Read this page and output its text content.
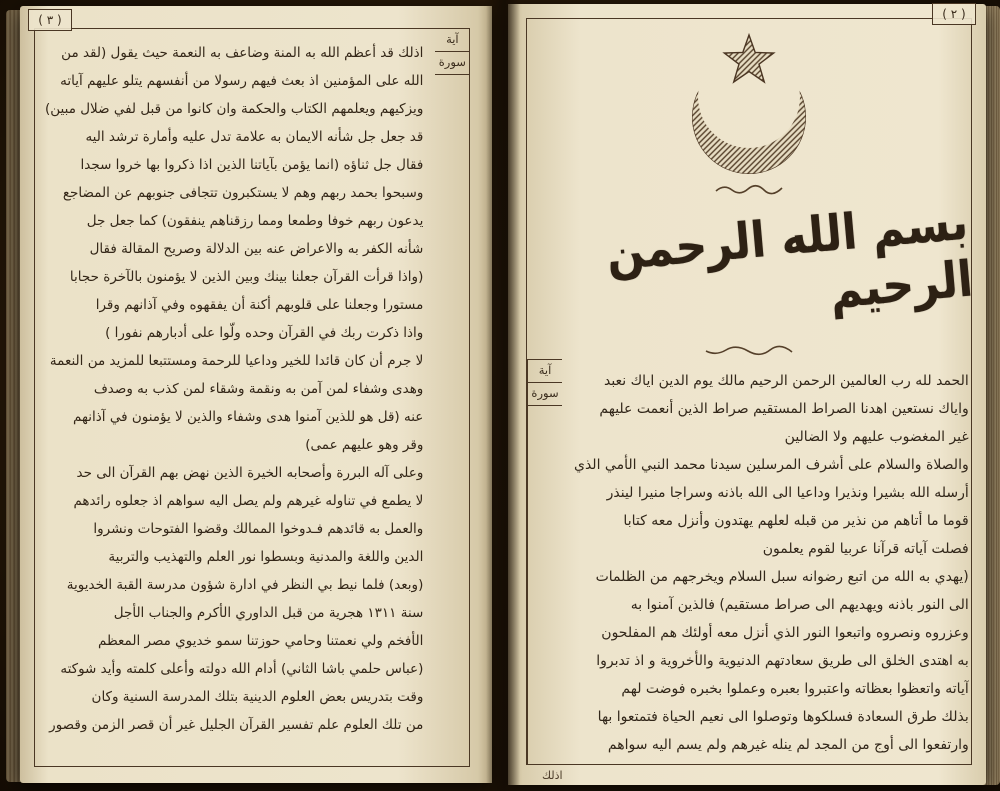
( ٣ )
آية
سورة
اذلك قد أعظم الله به المنة وضاعف به النعمة حيث يقول (لقد من
الله على المؤمنين اذ بعث فيهم رسولا من أنفسهم يتلو عليهم آياته
ويزكيهم ويعلمهم الكتاب والحكمة وان كانوا من قبل لفي ضلال مبين)
قد جعل جل شأنه الايمان به علامة تدل عليه وأمارة ترشد اليه
فقال جل ثناؤه (انما يؤمن بآياتنا الذين اذا ذكروا بها خروا سجدا
وسبحوا بحمد ربهم وهم لا يستكبرون تتجافى جنوبهم عن المضاجع
يدعون ربهم خوفا وطمعا ومما رزقناهم ينفقون) كما جعل جل
شأنه الكفر به والاعراض عنه بين الدلالة وصريح المقالة فقال
(واذا قرأت القرآن جعلنا بينك وبين الذين لا يؤمنون بالآخرة حجابا
مستورا وجعلنا على قلوبهم أكنة أن يفقهوه وفي آذانهم وقرا
واذا ذكرت ربك في القرآن وحده ولّوا على أدبارهم نفورا )
لا جرم أن كان قائدا للخير وداعيا للرحمة ومستتبعا للمزيد من النعمة
وهدى وشفاء لمن آمن به ونقمة وشقاء لمن كذب به وصدف
عنه (قل هو للذين آمنوا هدى وشفاء والذين لا يؤمنون في آذانهم
وقر وهو عليهم عمى)
وعلى آله البررة وأصحابه الخيرة الذين نهض بهم القرآن الى حد
لا يطمع في تناوله غيرهم ولم يصل اليه سواهم اذ جعلوه رائدهم
والعمل به قائدهم فـدوخوا الممالك وقضوا الفتوحات ونشروا
الدين واللغة والمدنية وبسطوا نور العلم والتهذيب والتربية
(وبعد) فلما نيط بي النظر في ادارة شؤون مدرسة القبة الخديوية
سنة ١٣١١ هجرية من قبل الداوري الأكرم والجناب الأجل
الأفخم ولي نعمتنا وحامي حوزتنا سمو خديوي مصر المعظم
(عباس حلمي باشا الثاني) أدام الله دولته وأعلى كلمته وأيد شوكته
وقت بتدريس بعض العلوم الدينية بتلك المدرسة السنية وكان
من تلك العلوم علم تفسير القرآن الجليل غير أن قصر الزمن وقصور
( ٢ )
بسم الله الرحمن الرحيم
الحمد لله رب العالمين الرحمن الرحيم مالك يوم الدين اياك نعبد
واياك نستعين اهدنا الصراط المستقيم صراط الذين أنعمت عليهم
غير المغضوب عليهم ولا الضالين
والصلاة والسلام على أشرف المرسلين سيدنا محمد النبي الأمي الذي
أرسله الله بشيرا ونذيرا وداعيا الى الله باذنه وسراجا منيرا لينذر
قوما ما أتاهم من نذير من قبله لعلهم يهتدون وأنزل معه كتابا
فصلت آياته قرآنا عربيا لقوم يعلمون
(يهدي به الله من اتبع رضوانه سبل السلام ويخرجهم من الظلمات
الى النور باذنه ويهديهم الى صراط مستقيم) فالذين آمنوا به
وعزروه ونصروه واتبعوا النور الذي أنزل معه أولئك هم المفلحون
به اهتدى الخلق الى طريق سعادتهم الدنيوية والأخروية و اذ تدبروا
آياته واتعظوا بعظاته واعتبروا بعبره وعملوا بخبره فوضت لهم
بذلك طرق السعادة فسلكوها وتوصلوا الى نعيم الحياة فتمتعوا بها
وارتفعوا الى أوج من المجد لم ينله غيرهم ولم يسم اليه سواهم
آية
سورة
اذلك
